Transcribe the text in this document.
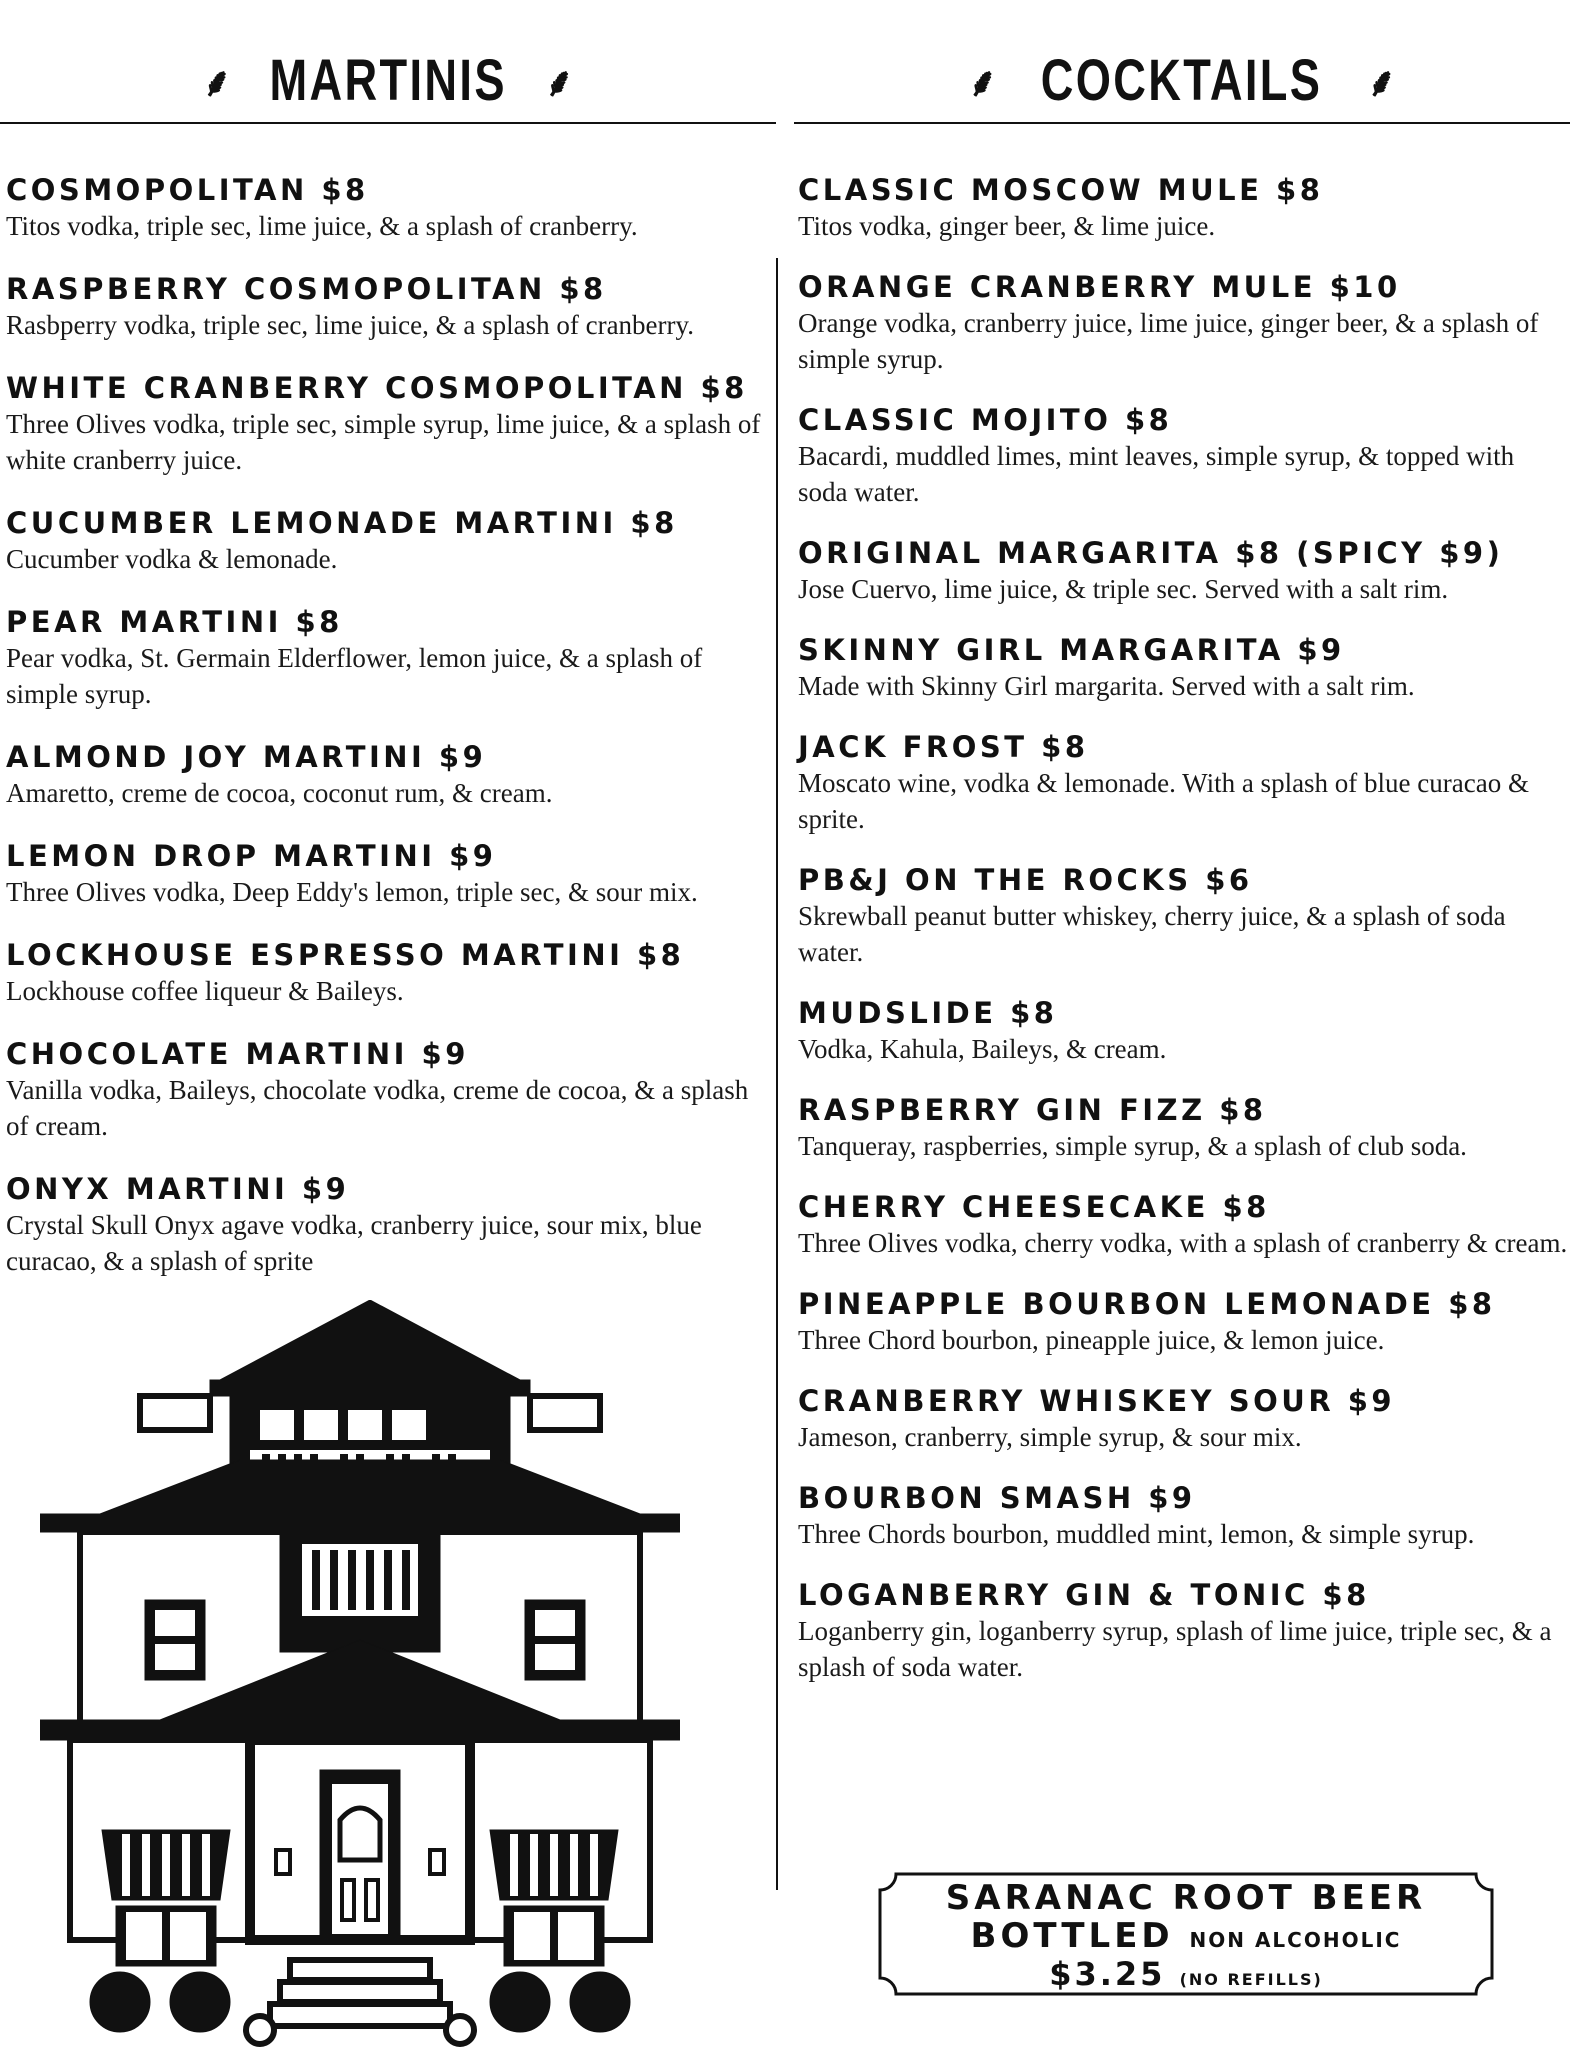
⸙ MARTINIS ⸙	⸙ COCKTAILS ⸙
COSMOPOLITAN $8
Titos vodka, triple sec, lime juice, & a splash of cranberry.
RASPBERRY COSMOPOLITAN $8
Rasbperry vodka, triple sec, lime juice, & a splash of cranberry.
WHITE CRANBERRY COSMOPOLITAN $8
Three Olives vodka, triple sec, simple syrup, lime juice, & a splash of white cranberry juice.
CUCUMBER LEMONADE MARTINI $8
Cucumber vodka & lemonade.
PEAR MARTINI $8
Pear vodka, St. Germain Elderflower, lemon juice, & a splash of simple syrup.
ALMOND JOY MARTINI $9
Amaretto, creme de cocoa, coconut rum, & cream.
LEMON DROP MARTINI $9
Three Olives vodka, Deep Eddy's lemon, triple sec, & sour mix.
LOCKHOUSE ESPRESSO MARTINI $8
Lockhouse coffee liqueur & Baileys.
CHOCOLATE MARTINI $9
Vanilla vodka, Baileys, chocolate vodka, creme de cocoa, & a splash of cream.
ONYX MARTINI $9
Crystal Skull Onyx agave vodka, cranberry juice, sour mix, blue curacao, & a splash of sprite
CLASSIC MOSCOW MULE $8
Titos vodka, ginger beer, & lime juice.
ORANGE CRANBERRY MULE $10
Orange vodka, cranberry juice, lime juice, ginger beer, & a splash of simple syrup.
CLASSIC MOJITO $8
Bacardi, muddled limes, mint leaves, simple syrup, & topped with soda water.
ORIGINAL MARGARITA $8 (SPICY $9)
Jose Cuervo, lime juice, & triple sec. Served with a salt rim.
SKINNY GIRL MARGARITA $9
Made with Skinny Girl margarita. Served with a salt rim.
JACK FROST $8
Moscato wine, vodka & lemonade. With a splash of blue curacao & sprite.
PB&J ON THE ROCKS $6
Skrewball peanut butter whiskey, cherry juice, & a splash of soda water.
MUDSLIDE $8
Vodka, Kahula, Baileys, & cream.
RASPBERRY GIN FIZZ $8
Tanqueray, raspberries, simple syrup, & a splash of club soda.
CHERRY CHEESECAKE $8
Three Olives vodka, cherry vodka, with a splash of cranberry & cream.
PINEAPPLE BOURBON LEMONADE $8
Three Chord bourbon, pineapple juice, & lemon juice.
CRANBERRY WHISKEY SOUR $9
Jameson, cranberry, simple syrup, & sour mix.
BOURBON SMASH $9
Three Chords bourbon, muddled mint, lemon, & simple syrup.
LOGANBERRY GIN & TONIC $8
Loganberry gin, loganberry syrup, splash of lime juice, triple sec, & a splash of soda water.
SARANAC ROOT BEER
BOTTLED NON ALCOHOLIC
$3.25 (NO REFILLS)
